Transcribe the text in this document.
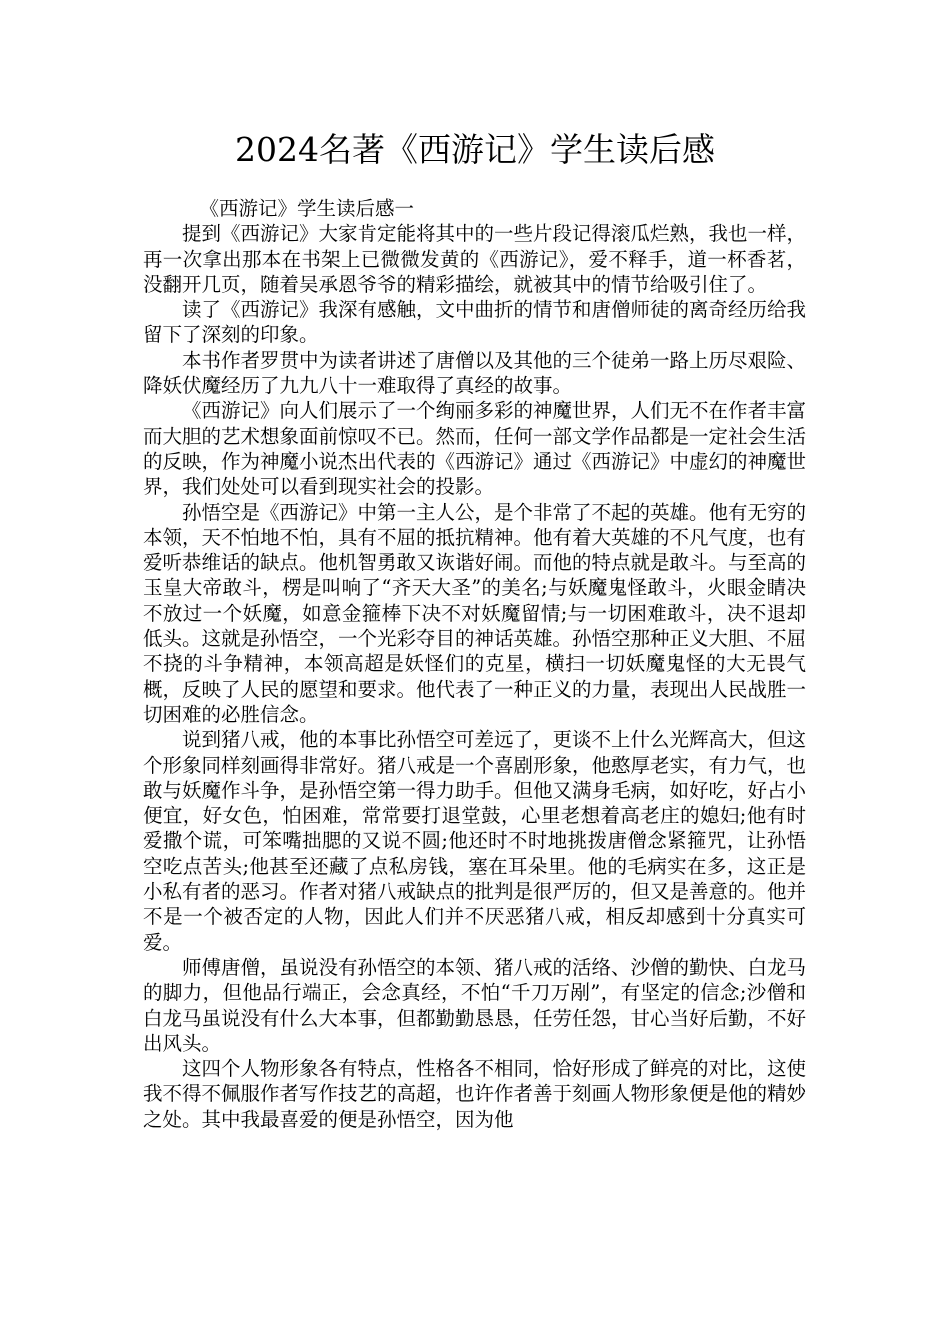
2024名著《西游记》学生读后感

《西游记》学生读后感一

提到《西游记》大家肯定能将其中的一些片段记得滚瓜烂熟，我也一样，再一次拿出那本在书架上已微微发黄的《西游记》，爱不释手，道一杯香茗，没翻开几页，随着吴承恩爷爷的精彩描绘，就被其中的情节给吸引住了。

读了《西游记》我深有感触，文中曲折的情节和唐僧师徒的离奇经历给我留下了深刻的印象。

本书作者罗贯中为读者讲述了唐僧以及其他的三个徒弟一路上历尽艰险、降妖伏魔经历了九九八十一难取得了真经的故事。

《西游记》向人们展示了一个绚丽多彩的神魔世界，人们无不在作者丰富而大胆的艺术想象面前惊叹不已。然而，任何一部文学作品都是一定社会生活的反映，作为神魔小说杰出代表的《西游记》通过《西游记》中虚幻的神魔世界，我们处处可以看到现实社会的投影。

孙悟空是《西游记》中第一主人公，是个非常了不起的英雄。他有无穷的本领，天不怕地不怕，具有不屈的抵抗精神。他有着大英雄的不凡气度，也有爱听恭维话的缺点。他机智勇敢又诙谐好闹。而他的特点就是敢斗。与至高的玉皇大帝敢斗，楞是叫响了“齐天大圣”的美名;与妖魔鬼怪敢斗，火眼金睛决不放过一个妖魔，如意金箍棒下决不对妖魔留情;与一切困难敢斗，决不退却低头。这就是孙悟空，一个光彩夺目的神话英雄。孙悟空那种正义大胆、不屈不挠的斗争精神，本领高超是妖怪们的克星，横扫一切妖魔鬼怪的大无畏气概，反映了人民的愿望和要求。他代表了一种正义的力量，表现出人民战胜一切困难的必胜信念。

说到猪八戒，他的本事比孙悟空可差远了，更谈不上什么光辉高大，但这个形象同样刻画得非常好。猪八戒是一个喜剧形象，他憨厚老实，有力气，也敢与妖魔作斗争，是孙悟空第一得力助手。但他又满身毛病，如好吃，好占小便宜，好女色，怕困难，常常要打退堂鼓，心里老想着高老庄的媳妇;他有时爱撒个谎，可笨嘴拙腮的又说不圆;他还时不时地挑拨唐僧念紧箍咒，让孙悟空吃点苦头;他甚至还藏了点私房钱，塞在耳朵里。他的毛病实在多，这正是小私有者的恶习。作者对猪八戒缺点的批判是很严厉的，但又是善意的。他并不是一个被否定的人物，因此人们并不厌恶猪八戒，相反却感到十分真实可爱。

师傅唐僧，虽说没有孙悟空的本领、猪八戒的活络、沙僧的勤快、白龙马的脚力，但他品行端正，会念真经，不怕“千刀万剐”，有坚定的信念;沙僧和白龙马虽说没有什么大本事，但都勤勤恳恳，任劳任怨，甘心当好后勤，不好出风头。

这四个人物形象各有特点，性格各不相同，恰好形成了鲜亮的对比，这使我不得不佩服作者写作技艺的高超，也许作者善于刻画人物形象便是他的精妙之处。其中我最喜爱的便是孙悟空，因为他
